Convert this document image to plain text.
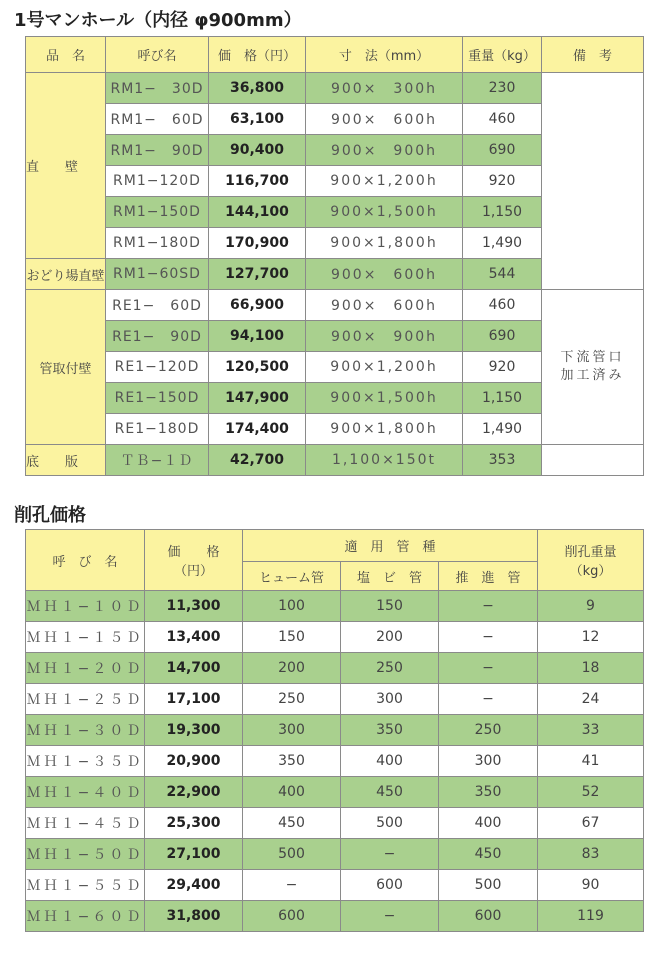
1号マンホール（内径 φ900mm）
品　名	呼び名	価　格（円）	寸　法（mm）	重量（kg）	備　考
直　　壁	RM1−　30D	36,800	900×　300h	230	
	RM1−　60D	63,100	900×　600h	460	
	RM1−　90D	90,400	900×　900h	690	
	RM1−120D	116,700	900×1,200h	920	
	RM1−150D	144,100	900×1,500h	1,150	
	RM1−180D	170,900	900×1,800h	1,490	
おどり場直壁	RM1−60SD	127,700	900×　600h	544	
管取付壁	RE1−　60D	66,900	900×　600h	460	下流管口
加工済み
	RE1−　90D	94,100	900×　900h	690	
	RE1−120D	120,500	900×1,200h	920	
	RE1−150D	147,900	900×1,500h	1,150	
	RE1−180D	174,400	900×1,800h	1,490	
底　　版	ＴＢ−１Ｄ	42,700	1,100×150t	353	
削孔価格
呼　び　名	価　　格
（円）	適　用　管　種			削孔重量
（kg）
		ヒューム管	塩　ビ　管	推　進　管	
ＭＨ１−１０Ｄ	11,300	100	150	−	9
ＭＨ１−１５Ｄ	13,400	150	200	−	12
ＭＨ１−２０Ｄ	14,700	200	250	−	18
ＭＨ１−２５Ｄ	17,100	250	300	−	24
ＭＨ１−３０Ｄ	19,300	300	350	250	33
ＭＨ１−３５Ｄ	20,900	350	400	300	41
ＭＨ１−４０Ｄ	22,900	400	450	350	52
ＭＨ１−４５Ｄ	25,300	450	500	400	67
ＭＨ１−５０Ｄ	27,100	500	−	450	83
ＭＨ１−５５Ｄ	29,400	−	600	500	90
ＭＨ１−６０Ｄ	31,800	600	−	600	119
